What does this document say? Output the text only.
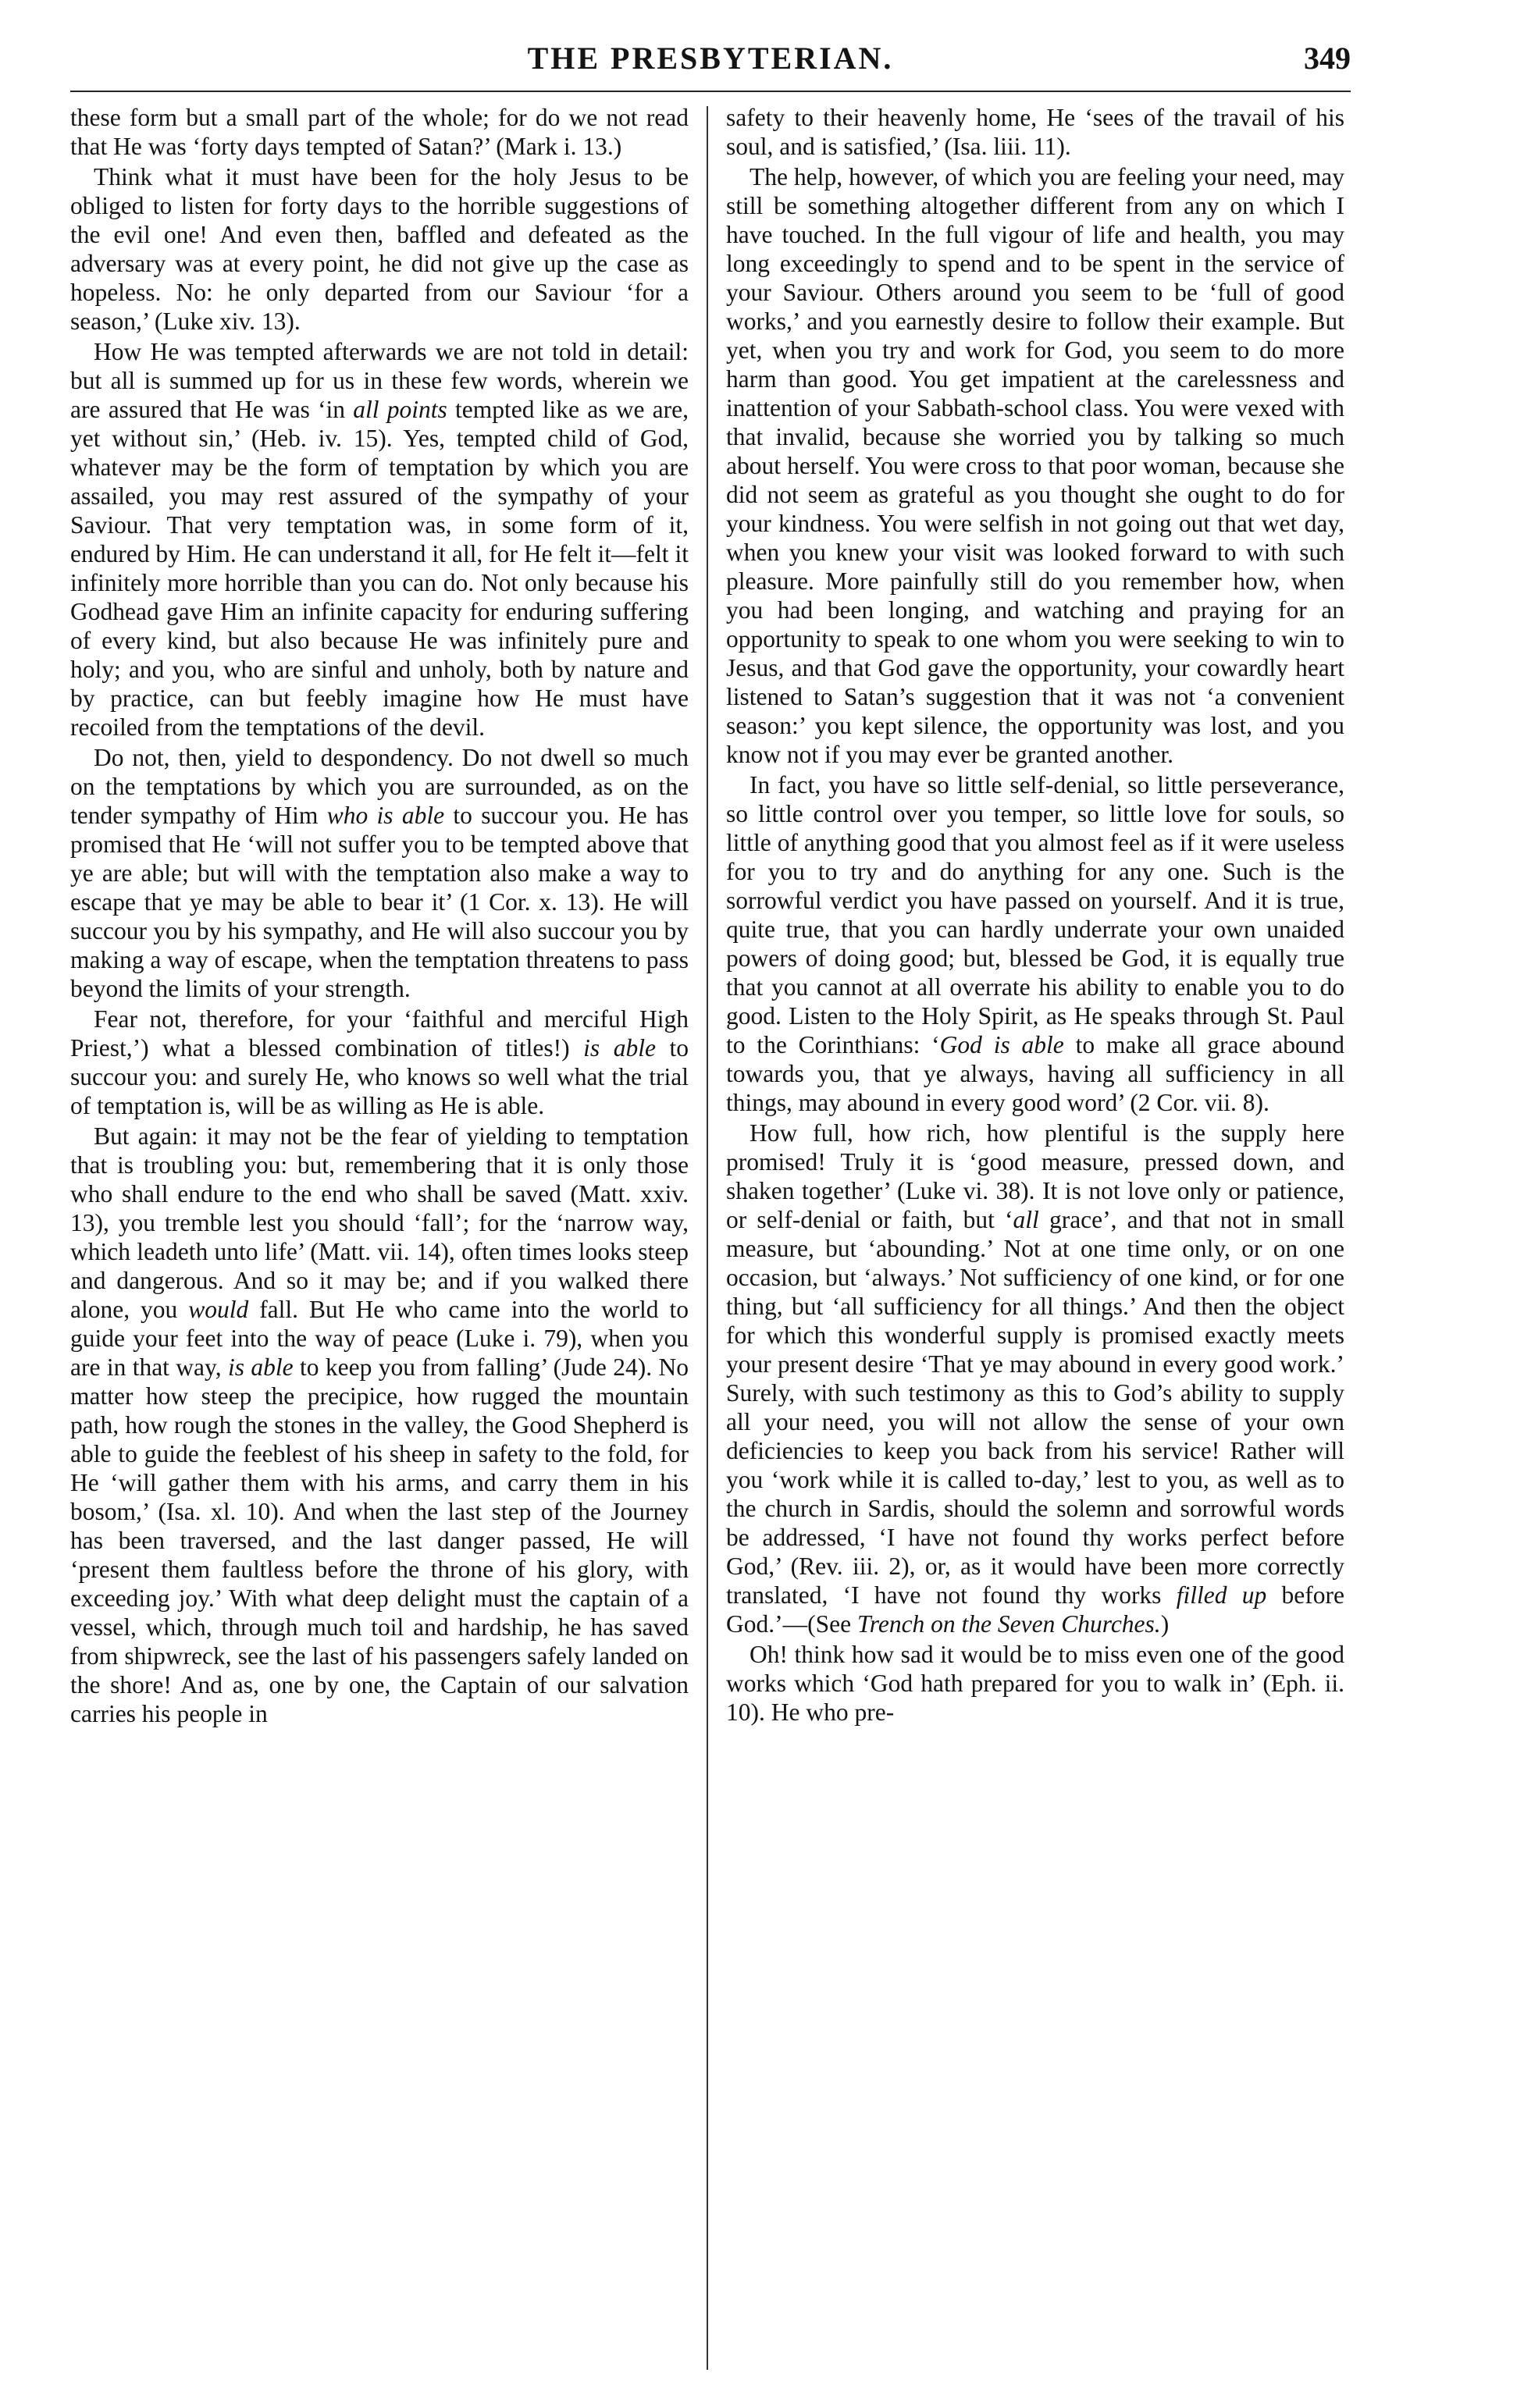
THE PRESBYTERIAN.	349

these form but a small part of the whole; for do we not read that He was ‘forty days tempted of Satan?’ (Mark i. 13.)

Think what it must have been for the holy Jesus to be obliged to listen for forty days to the horrible suggestions of the evil one! And even then, baffled and defeated as the adversary was at every point, he did not give up the case as hopeless. No: he only departed from our Saviour ‘for a season,’ (Luke xiv. 13).

How He was tempted afterwards we are not told in detail: but all is summed up for us in these few words, wherein we are assured that He was ‘in all points tempted like as we are, yet without sin,’ (Heb. iv. 15). Yes, tempted child of God, whatever may be the form of temptation by which you are assailed, you may rest assured of the sympathy of your Saviour. That very temptation was, in some form of it, endured by Him. He can understand it all, for He felt it—felt it infinitely more horrible than you can do. Not only because his Godhead gave Him an infinite capacity for enduring suffering of every kind, but also because He was infinitely pure and holy; and you, who are sinful and unholy, both by nature and by practice, can but feebly imagine how He must have recoiled from the temptations of the devil.

Do not, then, yield to despondency. Do not dwell so much on the temptations by which you are surrounded, as on the tender sympathy of Him who is able to succour you. He has promised that He ‘will not suffer you to be tempted above that ye are able; but will with the temptation also make a way to escape that ye may be able to bear it’ (1 Cor. x. 13). He will succour you by his sympathy, and He will also succour you by making a way of escape, when the temptation threatens to pass beyond the limits of your strength.

Fear not, therefore, for your ‘faithful and merciful High Priest,’) what a blessed combination of titles!) is able to succour you: and surely He, who knows so well what the trial of temptation is, will be as willing as He is able.

But again: it may not be the fear of yielding to temptation that is troubling you: but, remembering that it is only those who shall endure to the end who shall be saved (Matt. xxiv. 13), you tremble lest you should ‘fall’; for the ‘narrow way, which leadeth unto life’ (Matt. vii. 14), often times looks steep and dangerous. And so it may be; and if you walked there alone, you would fall. But He who came into the world to guide your feet into the way of peace (Luke i. 79), when you are in that way, is able to keep you from falling’ (Jude 24). No matter how steep the precipice, how rugged the mountain path, how rough the stones in the valley, the Good Shepherd is able to guide the feeblest of his sheep in safety to the fold, for He ‘will gather them with his arms, and carry them in his bosom,’ (Isa. xl. 10). And when the last step of the Journey has been traversed, and the last danger passed, He will ‘present them faultless before the throne of his glory, with exceeding joy.’ With what deep delight must the captain of a vessel, which, through much toil and hardship, he has saved from shipwreck, see the last of his passengers safely landed on the shore! And as, one by one, the Captain of our salvation carries his people in

safety to their heavenly home, He ‘sees of the travail of his soul, and is satisfied,’ (Isa. liii. 11).

The help, however, of which you are feeling your need, may still be something altogether different from any on which I have touched. In the full vigour of life and health, you may long exceedingly to spend and to be spent in the service of your Saviour. Others around you seem to be ‘full of good works,’ and you earnestly desire to follow their example. But yet, when you try and work for God, you seem to do more harm than good. You get impatient at the carelessness and inattention of your Sabbath-school class. You were vexed with that invalid, because she worried you by talking so much about herself. You were cross to that poor woman, because she did not seem as grateful as you thought she ought to do for your kindness. You were selfish in not going out that wet day, when you knew your visit was looked forward to with such pleasure. More painfully still do you remember how, when you had been longing, and watching and praying for an opportunity to speak to one whom you were seeking to win to Jesus, and that God gave the opportunity, your cowardly heart listened to Satan’s suggestion that it was not ‘a convenient season:’ you kept silence, the opportunity was lost, and you know not if you may ever be granted another.

In fact, you have so little self-denial, so little perseverance, so little control over you temper, so little love for souls, so little of anything good that you almost feel as if it were useless for you to try and do anything for any one. Such is the sorrowful verdict you have passed on yourself. And it is true, quite true, that you can hardly underrate your own unaided powers of doing good; but, blessed be God, it is equally true that you cannot at all overrate his ability to enable you to do good. Listen to the Holy Spirit, as He speaks through St. Paul to the Corinthians: ‘God is able to make all grace abound towards you, that ye always, having all sufficiency in all things, may abound in every good word’ (2 Cor. vii. 8).

How full, how rich, how plentiful is the supply here promised! Truly it is ‘good measure, pressed down, and shaken together’ (Luke vi. 38). It is not love only or patience, or self-denial or faith, but ‘all grace’, and that not in small measure, but ‘abounding.’ Not at one time only, or on one occasion, but ‘always.’ Not sufficiency of one kind, or for one thing, but ‘all sufficiency for all things.’ And then the object for which this wonderful supply is promised exactly meets your present desire ‘That ye may abound in every good work.’ Surely, with such testimony as this to God’s ability to supply all your need, you will not allow the sense of your own deficiencies to keep you back from his service! Rather will you ‘work while it is called to-day,’ lest to you, as well as to the church in Sardis, should the solemn and sorrowful words be addressed, ‘I have not found thy works perfect before God,’ (Rev. iii. 2), or, as it would have been more correctly translated, ‘I have not found thy works filled up before God.’—(See Trench on the Seven Churches.)

Oh! think how sad it would be to miss even one of the good works which ‘God hath prepared for you to walk in’ (Eph. ii. 10). He who pre-
